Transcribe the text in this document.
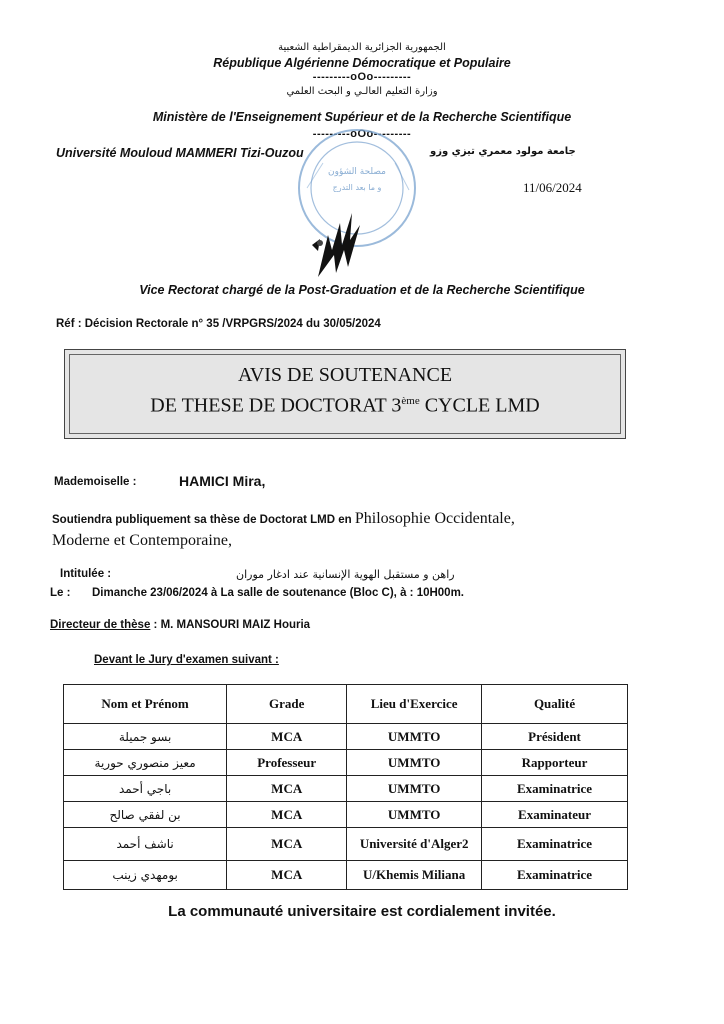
الجمهورية الجزائرية الديمقراطية الشعبية
République Algérienne Démocratique et Populaire
---------oOo---------
وزارة التعليم العالـي و البحث العلمي
Ministère de l'Enseignement Supérieur et de la Recherche Scientifique
---------oOo---------
Université Mouloud MAMMERI Tizi-Ouzou	جامعة مولود معمري تيزي وزو
11/06/2024
مصلحة الشؤون
و ما بعد التدرج
Vice Rectorat chargé de la Post-Graduation et de la Recherche Scientifique
Réf : Décision Rectorale n° 35 /VRPGRS/2024 du 30/05/2024
AVIS DE SOUTENANCE
DE THESE DE DOCTORAT 3ème CYCLE LMD
Mademoiselle :	HAMICI Mira,
Soutiendra publiquement sa thèse de Doctorat LMD en Philosophie Occidentale,
Moderne et Contemporaine,
Intitulée :	راهن و مستقبل الهوية الإنسانية عند ادغار موران
Le : Dimanche 23/06/2024 à La salle de soutenance (Bloc C), à : 10H00m.
Directeur de thèse : M. MANSOURI MAIZ Houria
Devant le Jury d'examen suivant :
Nom et Prénom	Grade	Lieu d'Exercice	Qualité
بسو جميلة	MCA	UMMTO	Président
معيز منصوري حورية	Professeur	UMMTO	Rapporteur
باجي أحمد	MCA	UMMTO	Examinatrice
بن لفقي صالح	MCA	UMMTO	Examinateur
ناشف أحمد	MCA	Université d'Alger2	Examinatrice
بومهدي زينب	MCA	U/Khemis Miliana	Examinatrice
La communauté universitaire est cordialement invitée.
